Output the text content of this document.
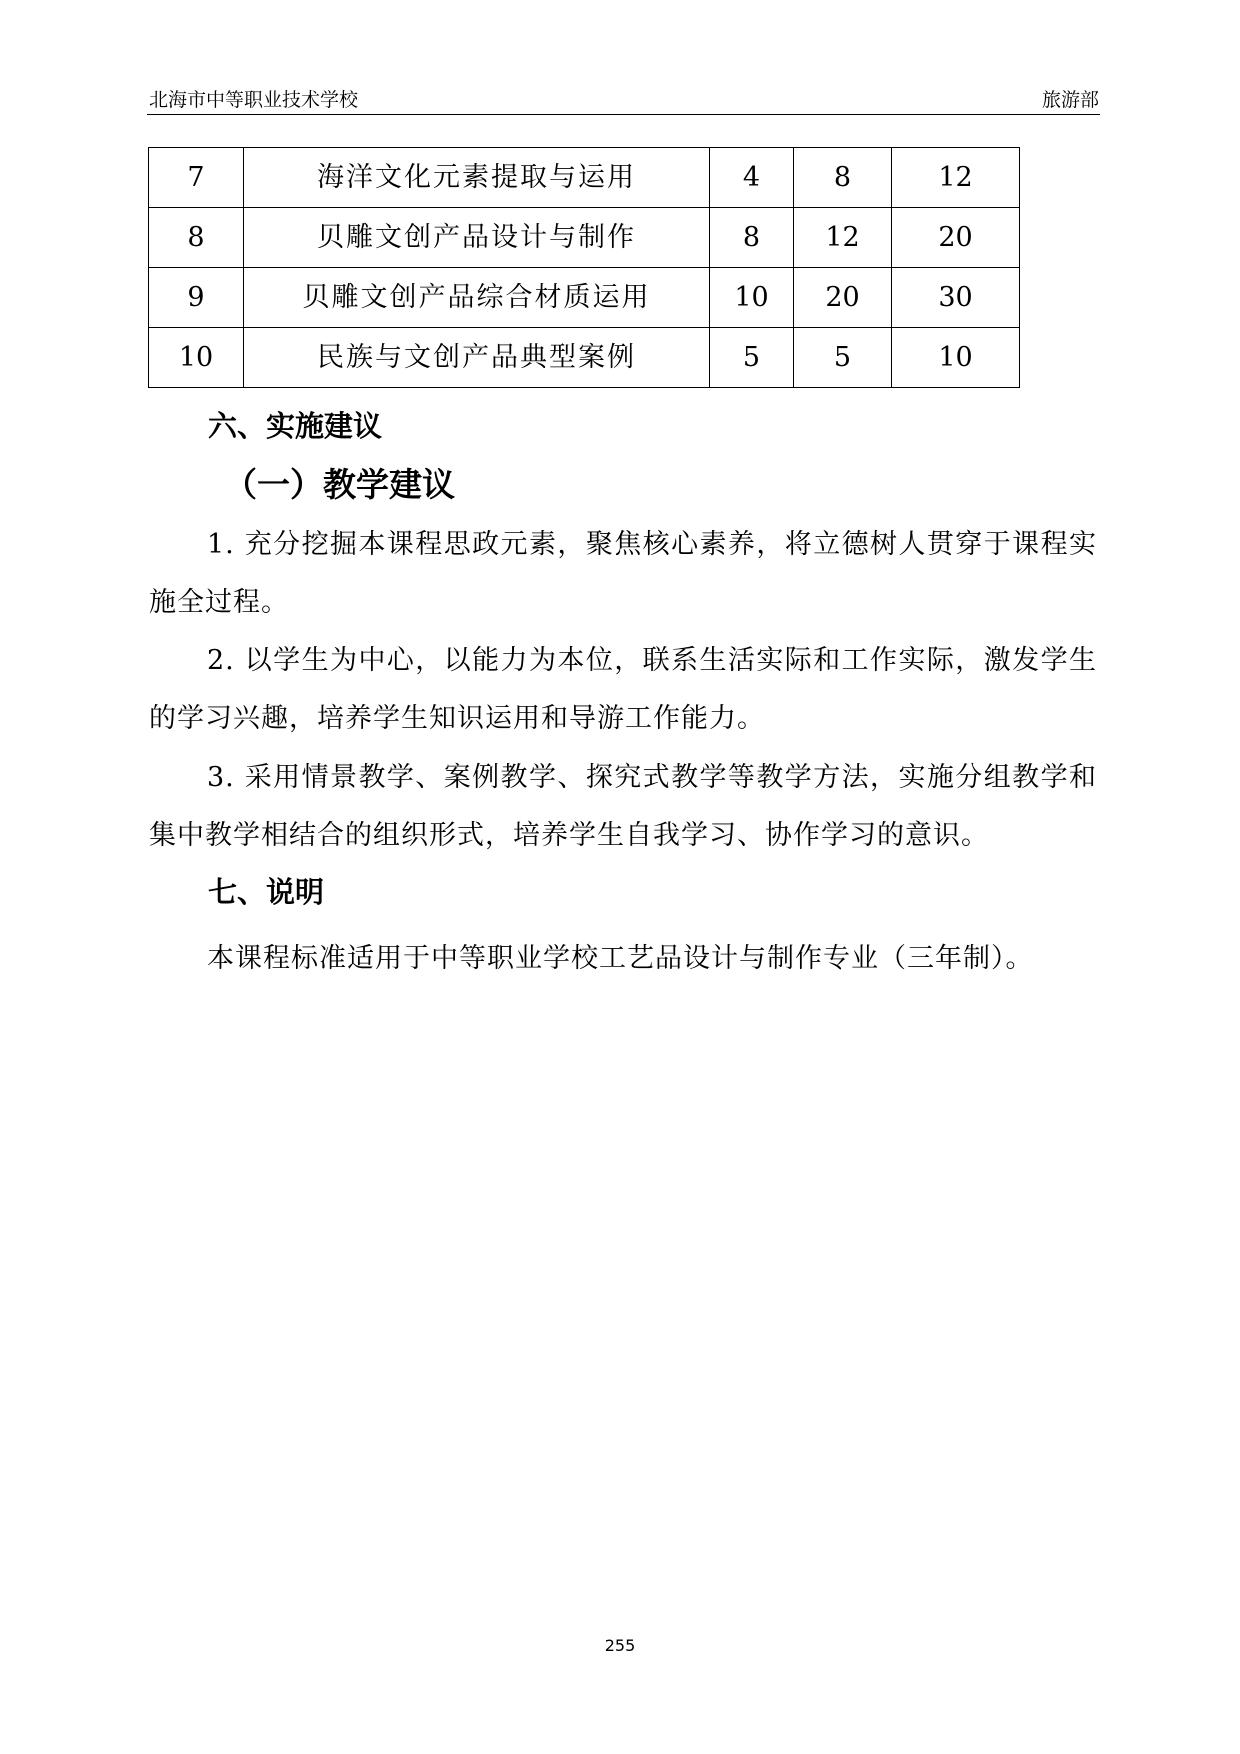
北海市中等职业技术学校	旅游部
7	海洋文化元素提取与运用	4	8	12
8	贝雕文创产品设计与制作	8	12	20
9	贝雕文创产品综合材质运用	10	20	30
10	民族与文创产品典型案例	5	5	10
六、实施建议
（一）教学建议

1. 充分挖掘本课程思政元素，聚焦核心素养，将立德树人贯穿于课程实施全过程。

2. 以学生为中心，以能力为本位，联系生活实际和工作实际，激发学生的学习兴趣，培养学生知识运用和导游工作能力。

3. 采用情景教学、案例教学、探究式教学等教学方法，实施分组教学和集中教学相结合的组织形式，培养学生自我学习、协作学习的意识。

七、说明

本课程标准适用于中等职业学校工艺品设计与制作专业（三年制）。

255
